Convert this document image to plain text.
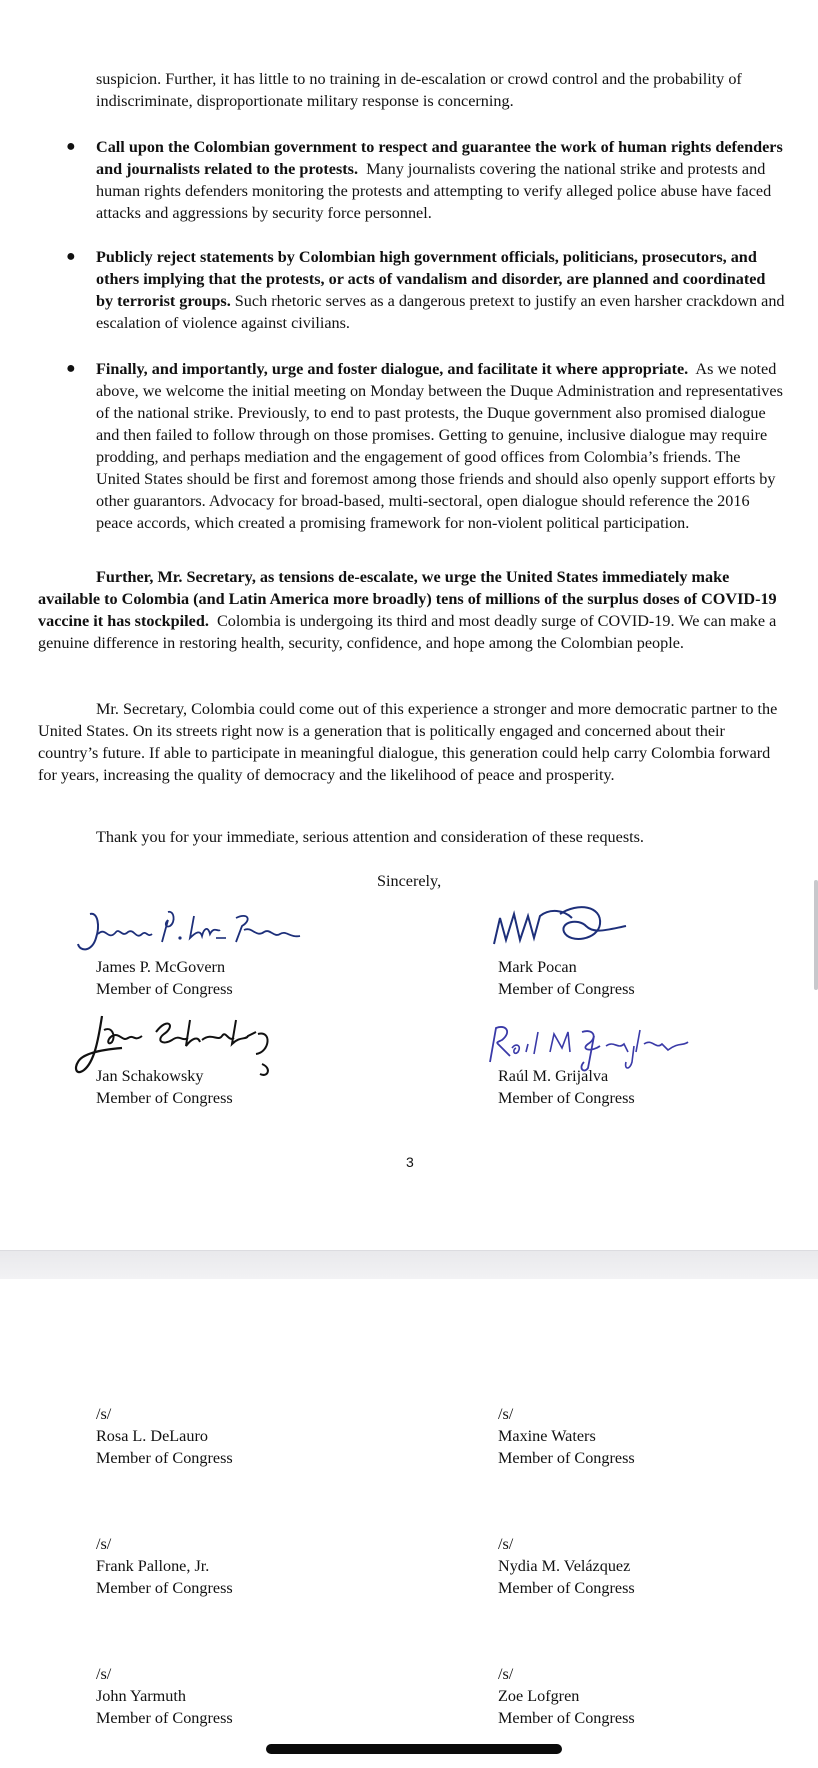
suspicion. Further, it has little to no training in de-escalation or crowd control and the probability of indiscriminate, disproportionate military response is concerning.
● Call upon the Colombian government to respect and guarantee the work of human rights defenders and journalists related to the protests. Many journalists covering the national strike and protests and human rights defenders monitoring the protests and attempting to verify alleged police abuse have faced attacks and aggressions by security force personnel.
● Publicly reject statements by Colombian high government officials, politicians, prosecutors, and others implying that the protests, or acts of vandalism and disorder, are planned and coordinated by terrorist groups. Such rhetoric serves as a dangerous pretext to justify an even harsher crackdown and escalation of violence against civilians.
● Finally, and importantly, urge and foster dialogue, and facilitate it where appropriate. As we noted above, we welcome the initial meeting on Monday between the Duque Administration and representatives of the national strike. Previously, to end to past protests, the Duque government also promised dialogue and then failed to follow through on those promises. Getting to genuine, inclusive dialogue may require prodding, and perhaps mediation and the engagement of good offices from Colombia’s friends. The United States should be first and foremost among those friends and should also openly support efforts by other guarantors. Advocacy for broad-based, multi-sectoral, open dialogue should reference the 2016 peace accords, which created a promising framework for non-violent political participation.
Further, Mr. Secretary, as tensions de-escalate, we urge the United States immediately make available to Colombia (and Latin America more broadly) tens of millions of the surplus doses of COVID-19 vaccine it has stockpiled. Colombia is undergoing its third and most deadly surge of COVID-19. We can make a genuine difference in restoring health, security, confidence, and hope among the Colombian people.
Mr. Secretary, Colombia could come out of this experience a stronger and more democratic partner to the United States. On its streets right now is a generation that is politically engaged and concerned about their country’s future. If able to participate in meaningful dialogue, this generation could help carry Colombia forward for years, increasing the quality of democracy and the likelihood of peace and prosperity.
Thank you for your immediate, serious attention and consideration of these requests.
Sincerely,
James P. McGovern
Member of Congress
Mark Pocan
Member of Congress
Jan Schakowsky
Member of Congress
Raúl M. Grijalva
Member of Congress
3
/s/
Rosa L. DeLauro
Member of Congress
/s/
Maxine Waters
Member of Congress
/s/
Frank Pallone, Jr.
Member of Congress
/s/
Nydia M. Velázquez
Member of Congress
/s/
John Yarmuth
Member of Congress
/s/
Zoe Lofgren
Member of Congress
